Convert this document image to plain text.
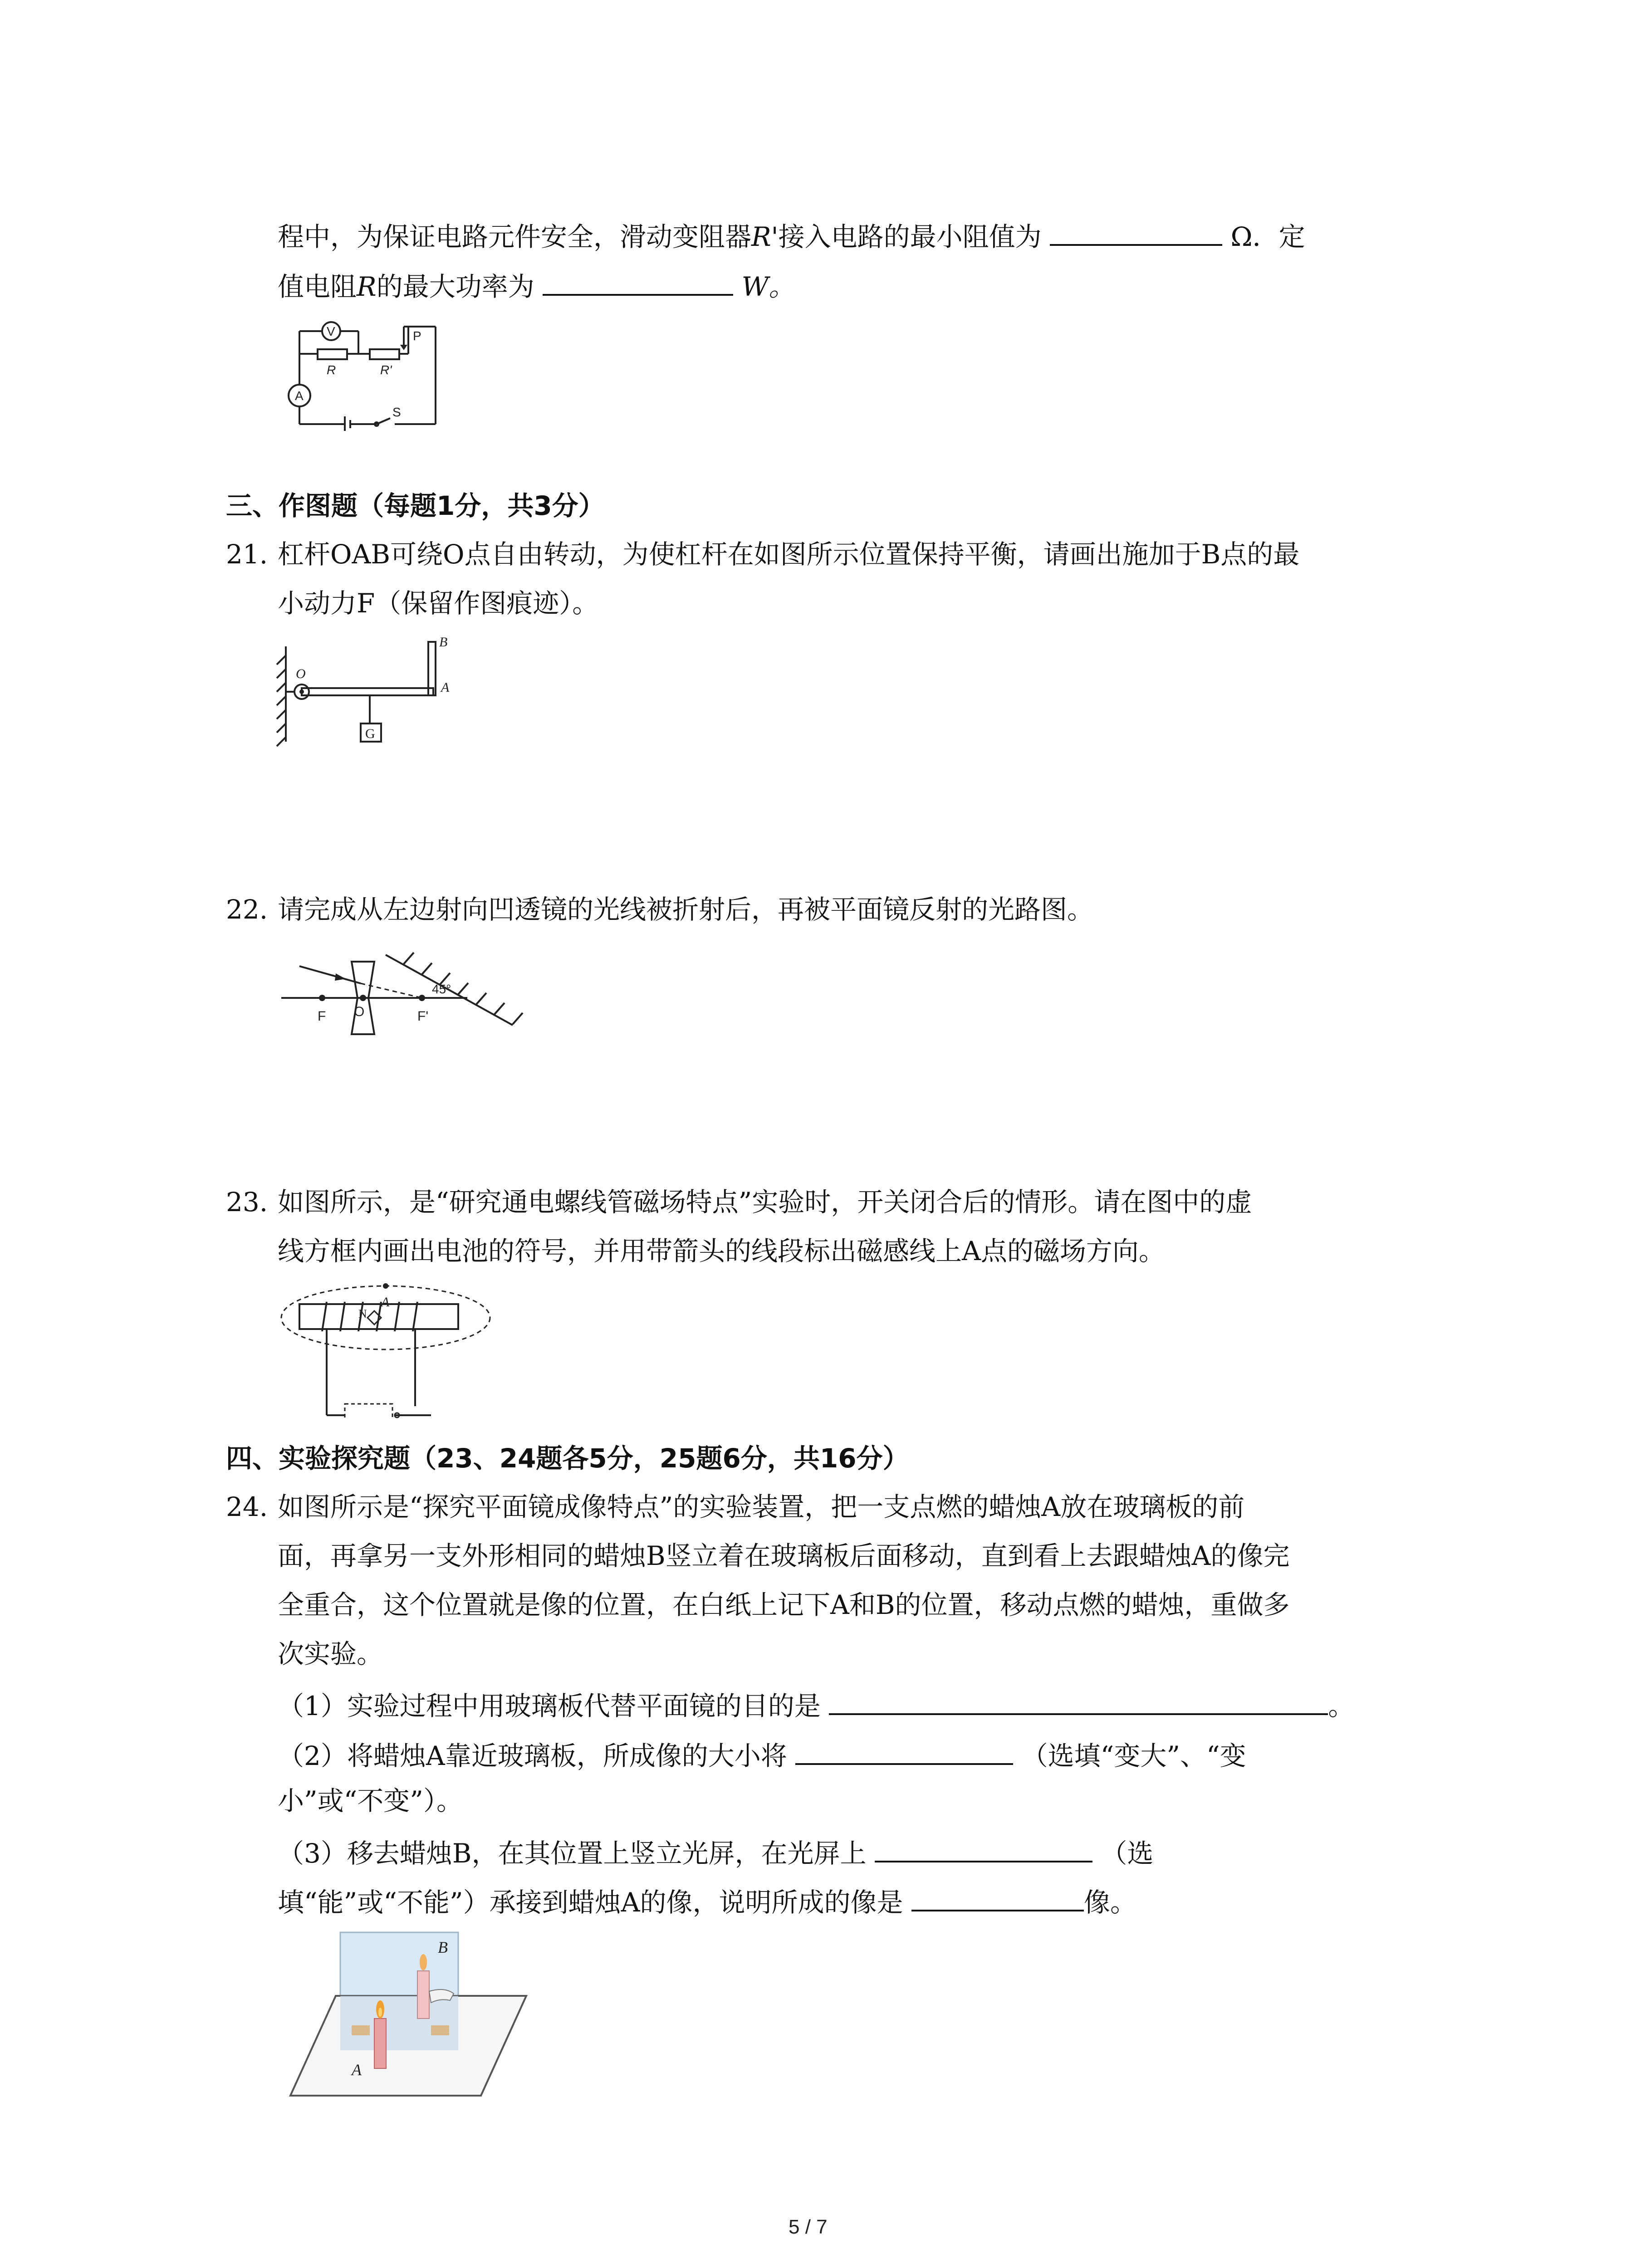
程中，为保证电路元件安全，滑动变阻器R'接入电路的最小阻值为	Ω．定
值电阻R的最大功率为	W。
V
A
R	R'
P
S
三、作图题（每题1分，共3分）
21. 杠杆OAB可绕O点自由转动，为使杠杆在如图所示位置保持平衡，请画出施加于B点的最
小动力F（保留作图痕迹）。
O
A
B
G
22. 请完成从左边射向凹透镜的光线被折射后，再被平面镜反射的光路图。
F O	F'
45°
23. 如图所示，是“研究通电螺线管磁场特点”实验时，开关闭合后的情形。请在图中的虚
线方框内画出电池的符号，并用带箭头的线段标出磁感线上A点的磁场方向。
A
N
四、实验探究题（23、24题各5分，25题6分，共16分）
24. 如图所示是“探究平面镜成像特点”的实验装置，把一支点燃的蜡烛A放在玻璃板的前
面，再拿另一支外形相同的蜡烛B竖立着在玻璃板后面移动，直到看上去跟蜡烛A的像完
全重合，这个位置就是像的位置，在白纸上记下A和B的位置，移动点燃的蜡烛，重做多
次实验。
（1）实验过程中用玻璃板代替平面镜的目的是	。
（2）将蜡烛A靠近玻璃板，所成像的大小将	（选填“变大”、“变
小”或“不变”）。
（3）移去蜡烛B，在其位置上竖立光屏，在光屏上	（选
填“能”或“不能”）承接到蜡烛A的像，说明所成的像是	像。
B
A
5 / 7
